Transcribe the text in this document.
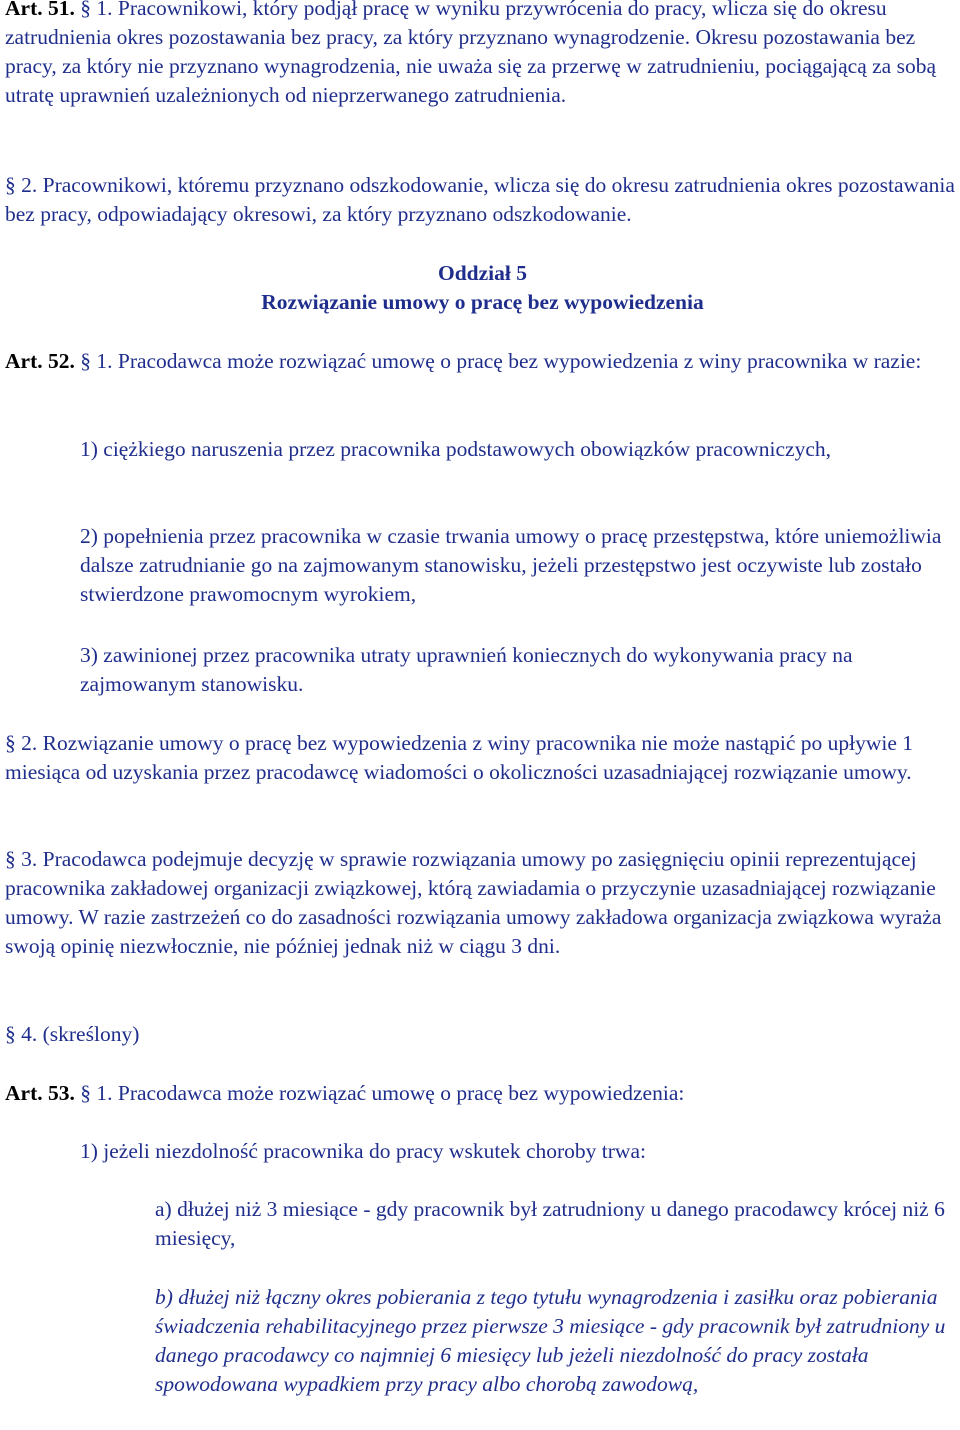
Art. 51. § 1. Pracownikowi, który podjął pracę w wyniku przywrócenia do pracy, wlicza się do okresu zatrudnienia okres pozostawania bez pracy, za który przyznano wynagrodzenie. Okresu pozostawania bez pracy, za który nie przyznano wynagrodzenia, nie uważa się za przerwę w zatrudnieniu, pociągającą za sobą utratę uprawnień uzależnionych od nieprzerwanego zatrudnienia.

§ 2. Pracownikowi, któremu przyznano odszkodowanie, wlicza się do okresu zatrudnienia okres pozostawania bez pracy, odpowiadający okresowi, za który przyznano odszkodowanie.

Oddział 5

Rozwiązanie umowy o pracę bez wypowiedzenia

Art. 52. § 1. Pracodawca może rozwiązać umowę o pracę bez wypowiedzenia z winy pracownika w razie:

1) ciężkiego naruszenia przez pracownika podstawowych obowiązków pracowniczych,

2) popełnienia przez pracownika w czasie trwania umowy o pracę przestępstwa, które uniemożliwia dalsze zatrudnianie go na zajmowanym stanowisku, jeżeli przestępstwo jest oczywiste lub zostało stwierdzone prawomocnym wyrokiem,

3) zawinionej przez pracownika utraty uprawnień koniecznych do wykonywania pracy na zajmowanym stanowisku.

§ 2. Rozwiązanie umowy o pracę bez wypowiedzenia z winy pracownika nie może nastąpić po upływie 1 miesiąca od uzyskania przez pracodawcę wiadomości o okoliczności uzasadniającej rozwiązanie umowy.

§ 3. Pracodawca podejmuje decyzję w sprawie rozwiązania umowy po zasięgnięciu opinii reprezentującej pracownika zakładowej organizacji związkowej, którą zawiadamia o przyczynie uzasadniającej rozwiązanie umowy. W razie zastrzeżeń co do zasadności rozwiązania umowy zakładowa organizacja związkowa wyraża swoją opinię niezwłocznie, nie później jednak niż w ciągu 3 dni.

§ 4. (skreślony)

Art. 53. § 1. Pracodawca może rozwiązać umowę o pracę bez wypowiedzenia:

1) jeżeli niezdolność pracownika do pracy wskutek choroby trwa:

a) dłużej niż 3 miesiące - gdy pracownik był zatrudniony u danego pracodawcy krócej niż 6 miesięcy,

b) dłużej niż łączny okres pobierania z tego tytułu wynagrodzenia i zasiłku oraz pobierania świadczenia rehabilitacyjnego przez pierwsze 3 miesiące - gdy pracownik był zatrudniony u danego pracodawcy co najmniej 6 miesięcy lub jeżeli niezdolność do pracy została spowodowana wypadkiem przy pracy albo chorobą zawodową,
